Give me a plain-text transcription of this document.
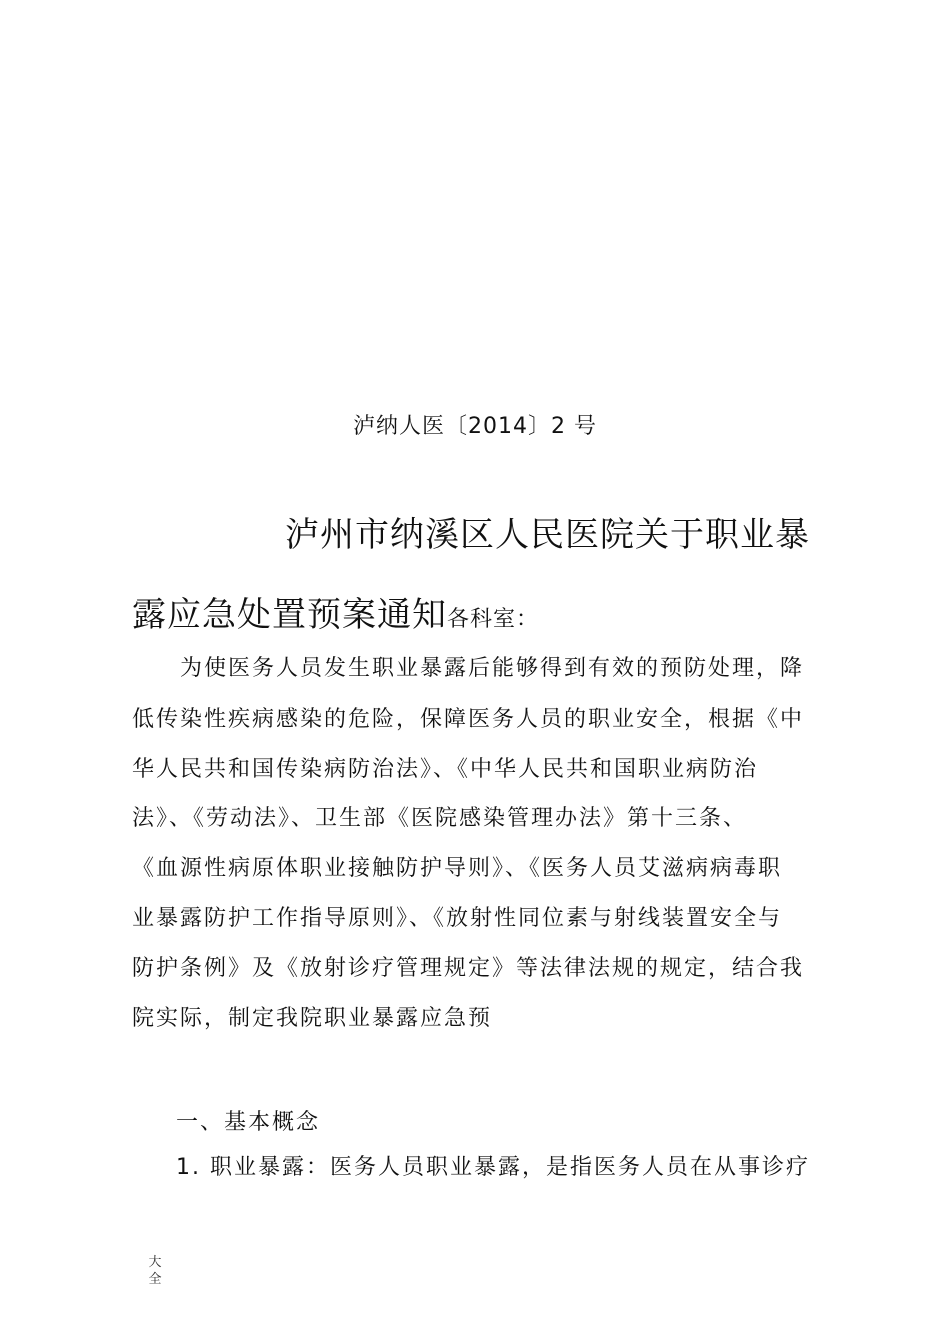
泸纳人医〔2014〕2 号
泸州市纳溪区人民医院关于职业暴
露应急处置预案通知各科室：
为使医务人员发生职业暴露后能够得到有效的预防处理，降
低传染性疾病感染的危险，保障医务人员的职业安全，根据《中
华人民共和国传染病防治法》、《中华人民共和国职业病防治
法》、《劳动法》、卫生部《医院感染管理办法》第十三条、
《血源性病原体职业接触防护导则》、《医务人员艾滋病病毒职
业暴露防护工作指导原则》、《放射性同位素与射线装置安全与
防护条例》及《放射诊疗管理规定》等法律法规的规定，结合我
院实际，制定我院职业暴露应急预
一、基本概念
1. 职业暴露：医务人员职业暴露，是指医务人员在从事诊疗
大
全
